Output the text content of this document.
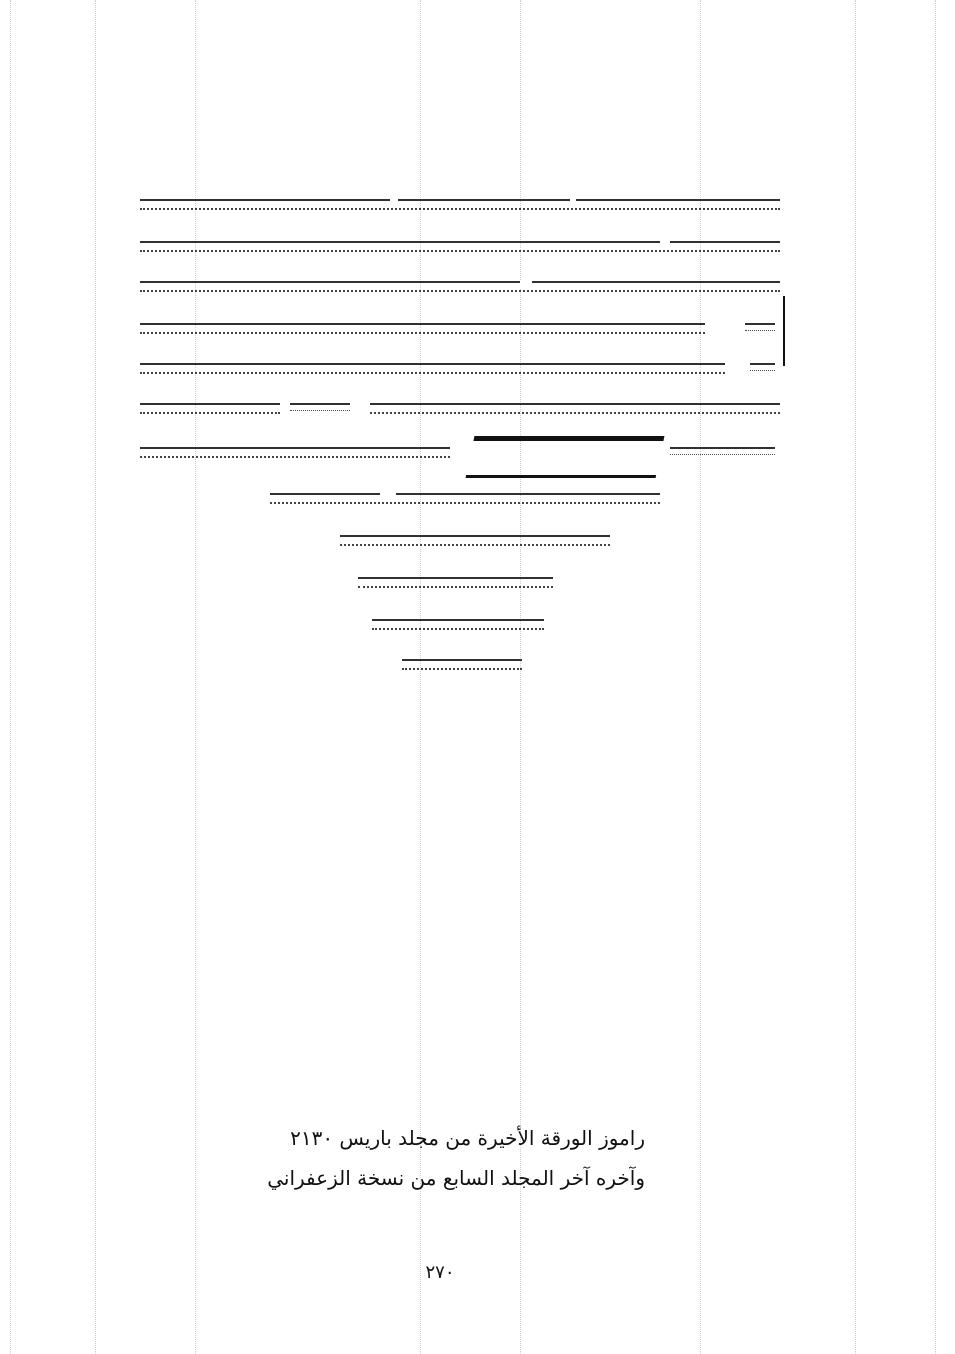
راموز الورقة الأخيرة من مجلد باريس ٢١٣٠
وآخره آخر المجلد السابع من نسخة الزعفراني
٢٧٠
